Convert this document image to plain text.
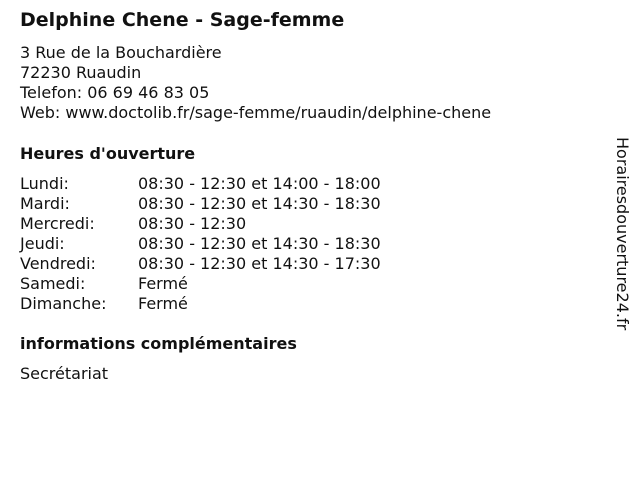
Delphine Chene - Sage-femme
3 Rue de la Bouchardière
72230 Ruaudin
Telefon: 06 69 46 83 05
Web: www.doctolib.fr/sage-femme/ruaudin/delphine-chene
Heures d'ouverture
Lundi:	08:30 - 12:30 et 14:00 - 18:00
Mardi:	08:30 - 12:30 et 14:30 - 18:30
Mercredi:	08:30 - 12:30
Jeudi:	08:30 - 12:30 et 14:30 - 18:30
Vendredi:	08:30 - 12:30 et 14:30 - 17:30
Samedi:	Fermé
Dimanche:	Fermé
informations complémentaires
Secrétariat
Horairesdouverture24.fr
